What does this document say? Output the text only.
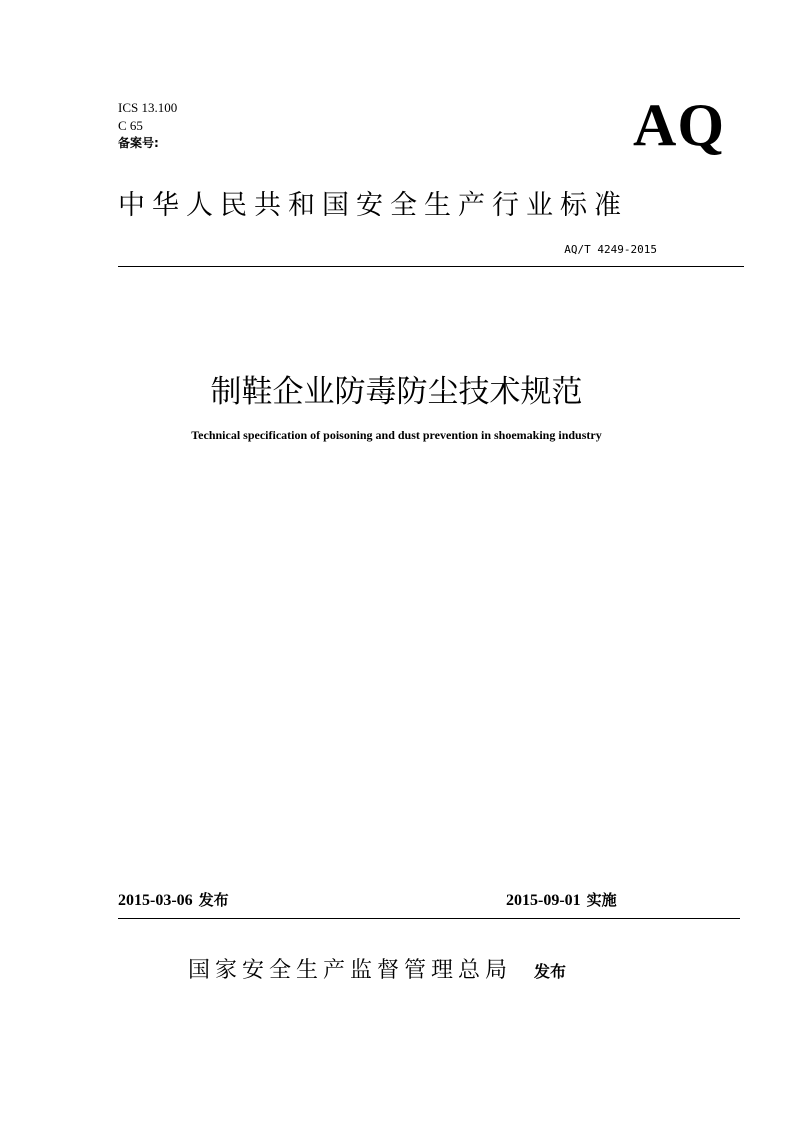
ICS 13.100
C 65
备案号:	AQ
中华人民共和国安全生产行业标准
AQ/T 4249-2015
制鞋企业防毒防尘技术规范
Technical specification of poisoning and dust prevention in shoemaking industry
2015-03-06 发布	2015-09-01 实施
国家安全生产监督管理总局 发布
